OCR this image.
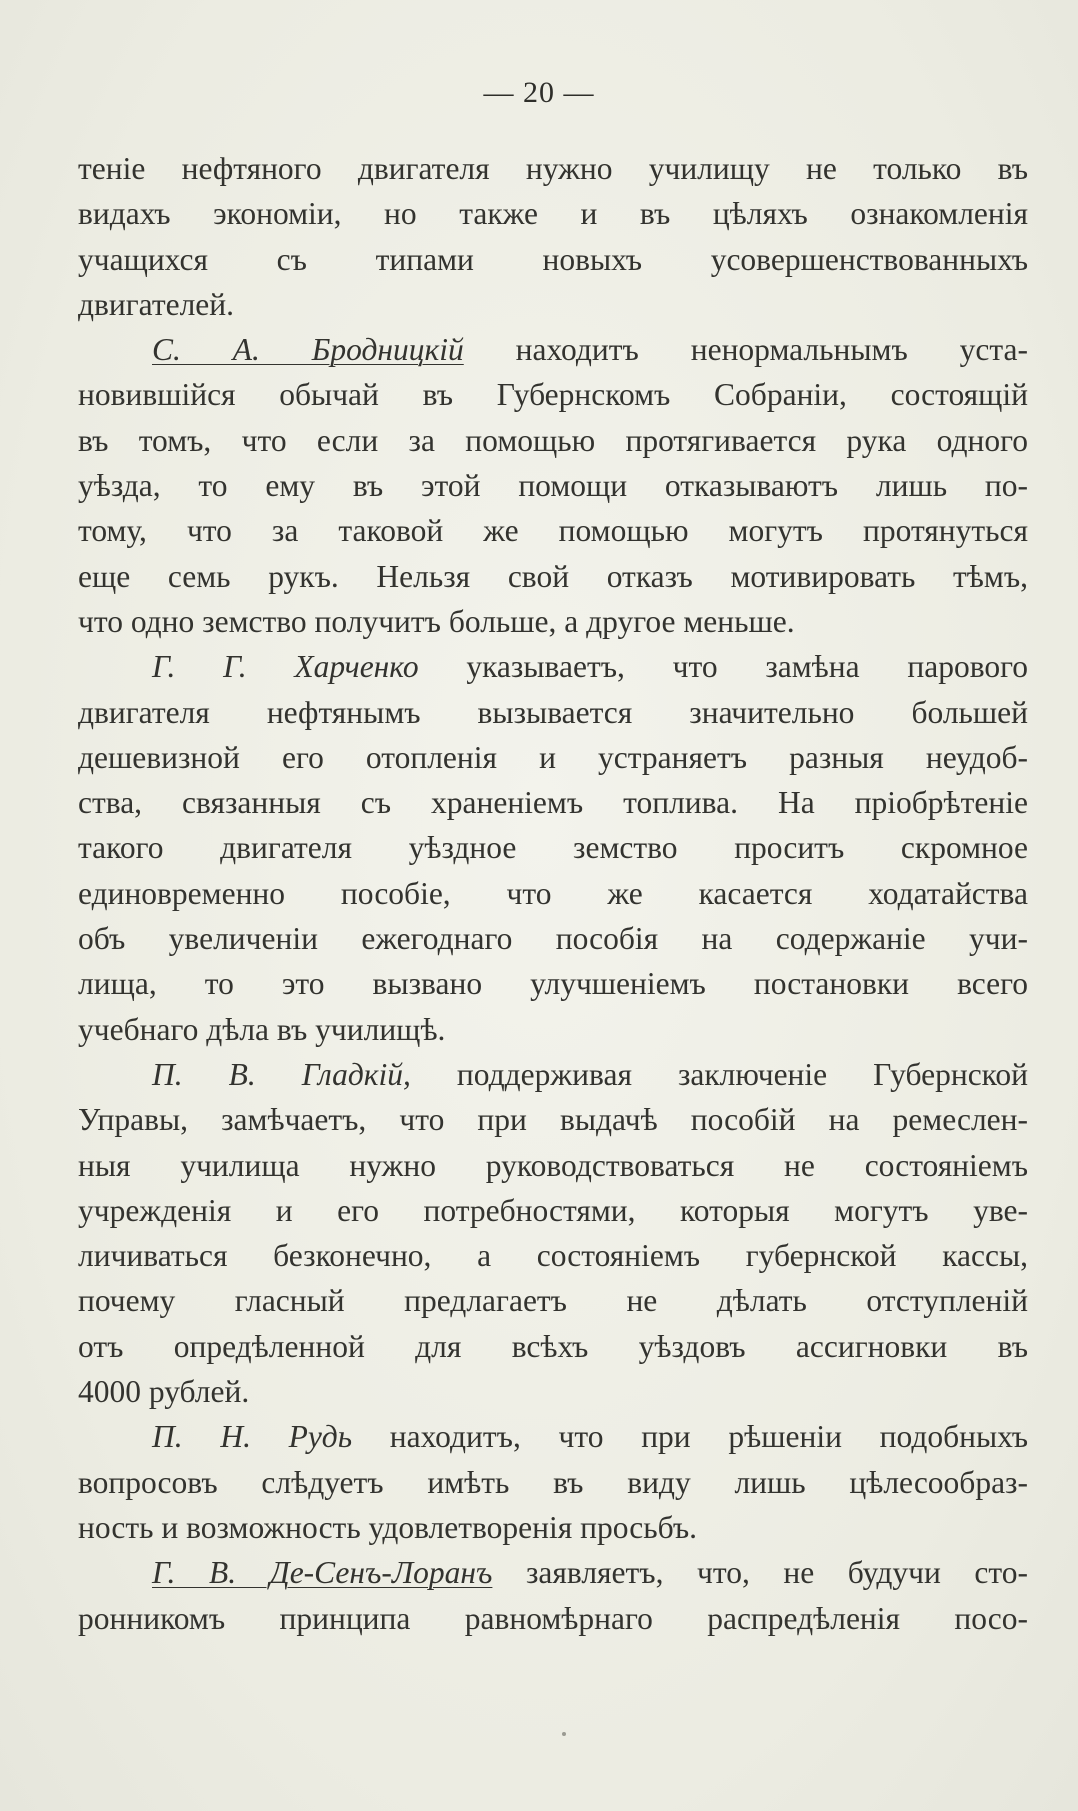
— 20 —
теніе нефтяного двигателя нужно училищу не только въ
видахъ экономіи, но также и въ цѣляхъ ознакомленія
учащихся съ типами новыхъ усовершенствованныхъ
двигателей.
С. А. Бродницкій находитъ ненормальнымъ уста-
новившійся обычай въ Губернскомъ Собраніи, состоящій
въ томъ, что если за помощью протягивается рука одного
уѣзда, то ему въ этой помощи отказываютъ лишь по-
тому, что за таковой же помощью могутъ протянуться
еще семь рукъ. Нельзя свой отказъ мотивировать тѣмъ,
что одно земство получитъ больше, а другое меньше.
Г. Г. Харченко указываетъ, что замѣна парового
двигателя нефтянымъ вызывается значительно большей
дешевизной его отопленія и устраняетъ разныя неудоб-
ства, связанныя съ храненіемъ топлива. На пріобрѣтеніе
такого двигателя уѣздное земство проситъ скромное
единовременно пособіе, что же касается ходатайства
объ увеличеніи ежегоднаго пособія на содержаніе учи-
лища, то это вызвано улучшеніемъ постановки всего
учебнаго дѣла въ училищѣ.
П. В. Гладкій, поддерживая заключеніе Губернской
Управы, замѣчаетъ, что при выдачѣ пособій на ремеслен-
ныя училища нужно руководствоваться не состояніемъ
учрежденія и его потребностями, которыя могутъ уве-
личиваться безконечно, а состояніемъ губернской кассы,
почему гласный предлагаетъ не дѣлать отступленій
отъ опредѣленной для всѣхъ уѣздовъ ассигновки въ
4000 рублей.
П. Н. Рудь находитъ, что при рѣшеніи подобныхъ
вопросовъ слѣдуетъ имѣть въ виду лишь цѣлесообраз-
ность и возможность удовлетворенія просьбъ.
Г. В. Де-Сенъ-Лоранъ заявляетъ, что, не будучи сто-
ронникомъ принципа равномѣрнаго распредѣленія посо-
